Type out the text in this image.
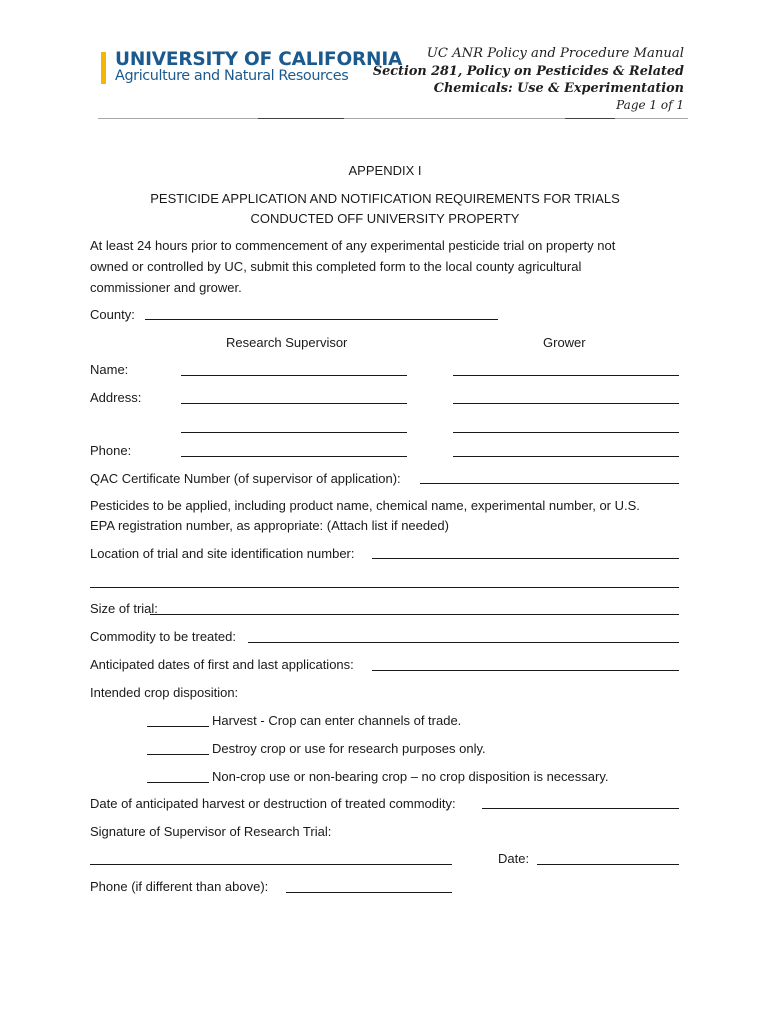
UNIVERSITY OF CALIFORNIA
Agriculture and Natural Resources
UC ANR Policy and Procedure Manual
Section 281, Policy on Pesticides & Related
Chemicals: Use & Experimentation
Page 1 of 1
APPENDIX I
PESTICIDE APPLICATION AND NOTIFICATION REQUIREMENTS FOR TRIALS
CONDUCTED OFF UNIVERSITY PROPERTY
At least 24 hours prior to commencement of any experimental pesticide trial on property not
owned or controlled by UC, submit this completed form to the local county agricultural
commissioner and grower.
County:
Research Supervisor	Grower
Name:
Address:
Phone:
QAC Certificate Number (of supervisor of application):
Pesticides to be applied, including product name, chemical name, experimental number, or U.S.
EPA registration number, as appropriate: (Attach list if needed)
Location of trial and site identification number:
Size of trial:
Commodity to be treated:
Anticipated dates of first and last applications:
Intended crop disposition:
Harvest - Crop can enter channels of trade.
Destroy crop or use for research purposes only.
Non-crop use or non-bearing crop – no crop disposition is necessary.
Date of anticipated harvest or destruction of treated commodity:
Signature of Supervisor of Research Trial:
Date:
Phone (if different than above):
